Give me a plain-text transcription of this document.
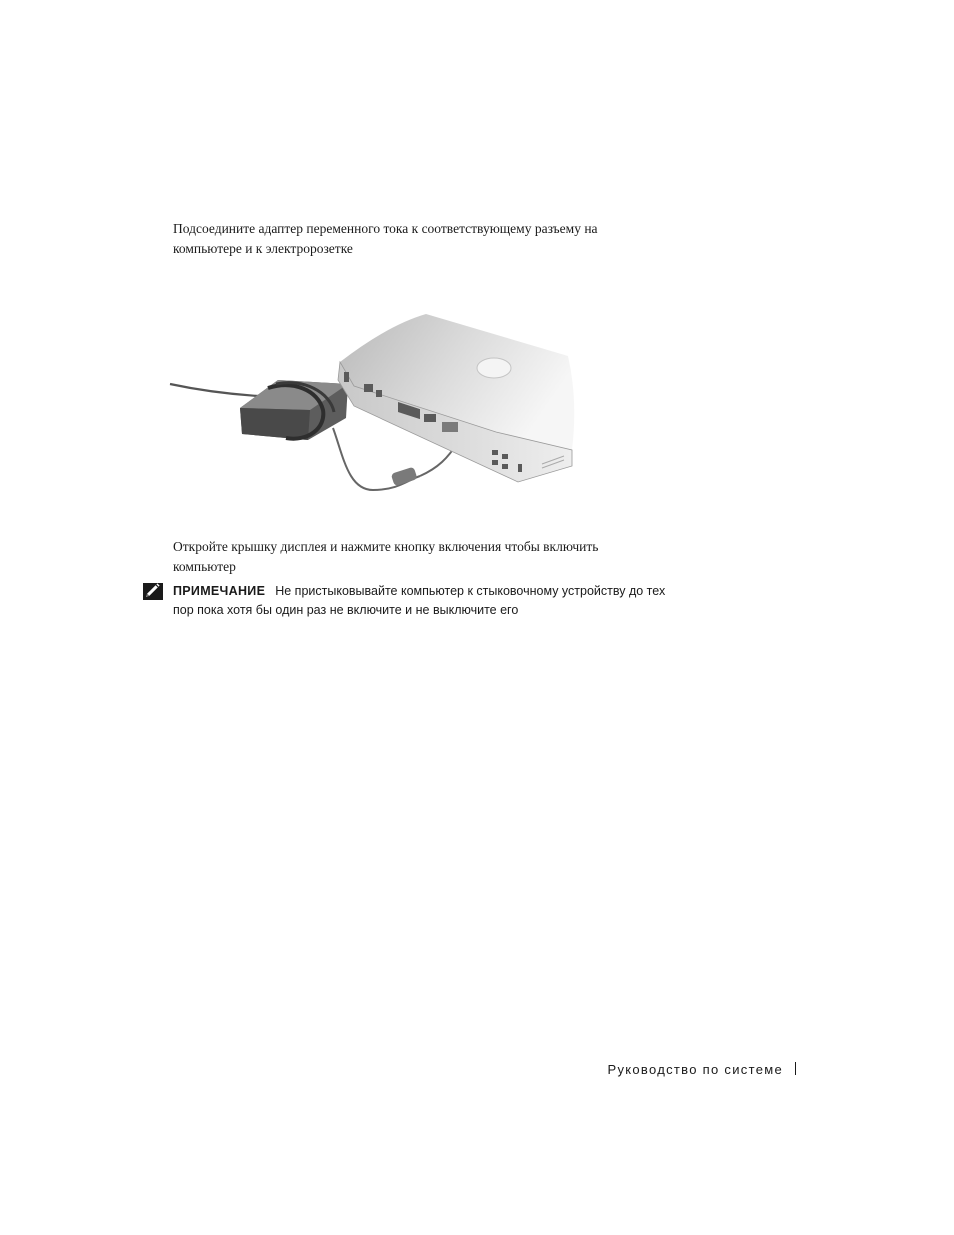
Подсоедините адаптер переменного тока к соответствующему разъему на
компьютере и к электророзетке

Откройте крышку дисплея и нажмите кнопку включения чтобы включить
компьютер

ПРИМЕЧАНИЕ Не пристыковывайте компьютер к стыковочному устройству до тех
пор пока хотя бы один раз не включите и не выключите его
Руководство по системе
